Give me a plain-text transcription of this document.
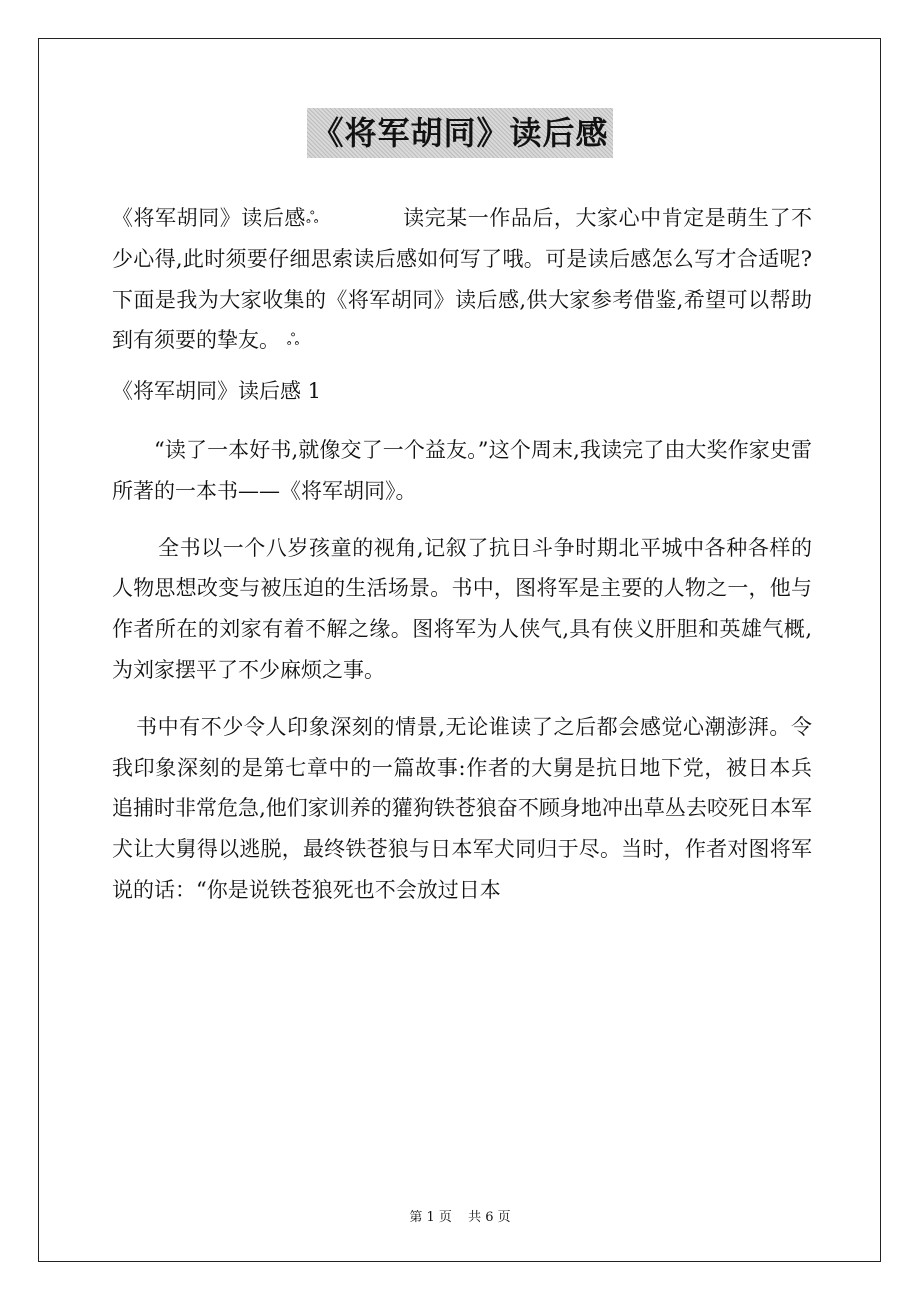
《将军胡同》读后感

《将军胡同》读后感ஃ	读完某一作品后，大家心中肯定是萌生了不少心得,此时须要仔细思索读后感如何写了哦。可是读后感怎么写才合适呢?下面是我为大家收集的《将军胡同》读后感,供大家参考借鉴,希望可以帮助到有须要的挚友。 ஃ

《将军胡同》读后感 1

“读了一本好书,就像交了一个益友。”这个周末,我读完了由大奖作家史雷所著的一本书——《将军胡同》。

全书以一个八岁孩童的视角,记叙了抗日斗争时期北平城中各种各样的人物思想改变与被压迫的生活场景。书中，图将军是主要的人物之一，他与作者所在的刘家有着不解之缘。图将军为人侠气,具有侠义肝胆和英雄气概,为刘家摆平了不少麻烦之事。

书中有不少令人印象深刻的情景,无论谁读了之后都会感觉心潮澎湃。令我印象深刻的是第七章中的一篇故事:作者的大舅是抗日地下党，被日本兵追捕时非常危急,他们家训养的獾狗铁苍狼奋不顾身地冲出草丛去咬死日本军犬让大舅得以逃脱，最终铁苍狼与日本军犬同归于尽。当时，作者对图将军说的话：“你是说铁苍狼死也不会放过日本

第 1 页 共 6 页
